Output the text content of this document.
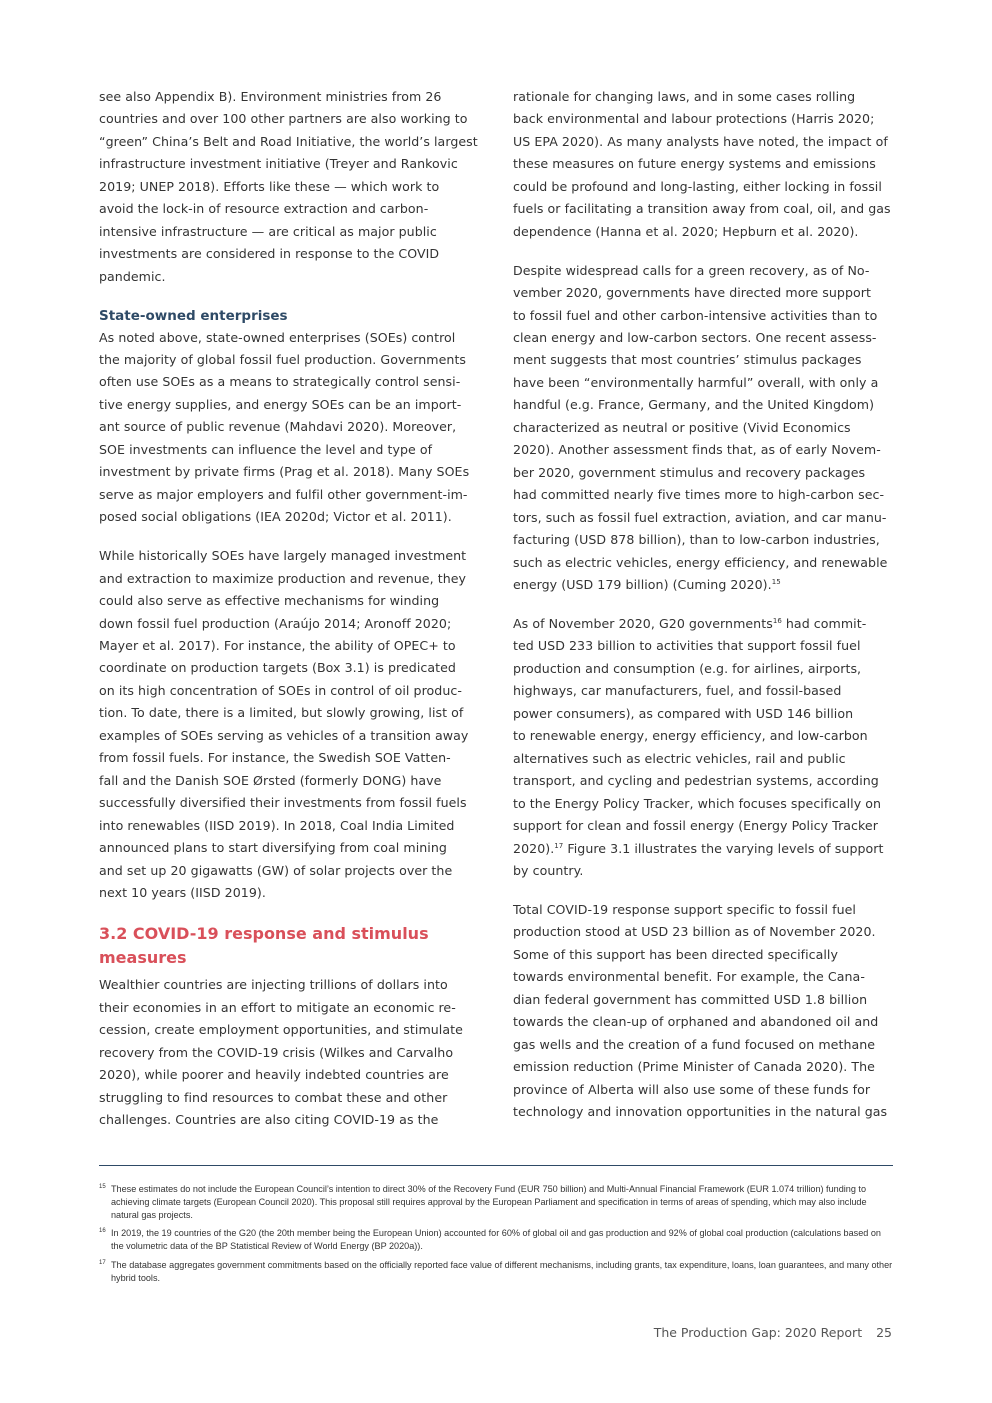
see also Appendix B). Environment ministries from 26
countries and over 100 other partners are also working to
“green” China’s Belt and Road Initiative, the world’s largest
infrastructure investment initiative (Treyer and Rankovic
2019; UNEP 2018). Efforts like these — which work to
avoid the lock-in of resource extraction and carbon-
intensive infrastructure — are critical as major public
investments are considered in response to the COVID
pandemic.
State-owned enterprises
As noted above, state-owned enterprises (SOEs) control
the majority of global fossil fuel production. Governments
often use SOEs as a means to strategically control sensi-
tive energy supplies, and energy SOEs can be an import-
ant source of public revenue (Mahdavi 2020). Moreover,
SOE investments can influence the level and type of
investment by private firms (Prag et al. 2018). Many SOEs
serve as major employers and fulfil other government-im-
posed social obligations (IEA 2020d; Victor et al. 2011).
While historically SOEs have largely managed investment
and extraction to maximize production and revenue, they
could also serve as effective mechanisms for winding
down fossil fuel production (Araújo 2014; Aronoff 2020;
Mayer et al. 2017). For instance, the ability of OPEC+ to
coordinate on production targets (Box 3.1) is predicated
on its high concentration of SOEs in control of oil produc-
tion. To date, there is a limited, but slowly growing, list of
examples of SOEs serving as vehicles of a transition away
from fossil fuels. For instance, the Swedish SOE Vatten-
fall and the Danish SOE Ørsted (formerly DONG) have
successfully diversified their investments from fossil fuels
into renewables (IISD 2019). In 2018, Coal India Limited
announced plans to start diversifying from coal mining
and set up 20 gigawatts (GW) of solar projects over the
next 10 years (IISD 2019).
3.2 COVID-19 response and stimulus measures
Wealthier countries are injecting trillions of dollars into
their economies in an effort to mitigate an economic re-
cession, create employment opportunities, and stimulate
recovery from the COVID-19 crisis (Wilkes and Carvalho
2020), while poorer and heavily indebted countries are
struggling to find resources to combat these and other
challenges. Countries are also citing COVID-19 as the
rationale for changing laws, and in some cases rolling
back environmental and labour protections (Harris 2020;
US EPA 2020). As many analysts have noted, the impact of
these measures on future energy systems and emissions
could be profound and long-lasting, either locking in fossil
fuels or facilitating a transition away from coal, oil, and gas
dependence (Hanna et al. 2020; Hepburn et al. 2020).
Despite widespread calls for a green recovery, as of No-
vember 2020, governments have directed more support
to fossil fuel and other carbon-intensive activities than to
clean energy and low-carbon sectors. One recent assess-
ment suggests that most countries’ stimulus packages
have been “environmentally harmful” overall, with only a
handful (e.g. France, Germany, and the United Kingdom)
characterized as neutral or positive (Vivid Economics
2020). Another assessment finds that, as of early Novem-
ber 2020, government stimulus and recovery packages
had committed nearly five times more to high-carbon sec-
tors, such as fossil fuel extraction, aviation, and car manu-
facturing (USD 878 billion), than to low-carbon industries,
such as electric vehicles, energy efficiency, and renewable
energy (USD 179 billion) (Cuming 2020).$^{15}$
As of November 2020, G20 governments$^{16}$ had commit-
ted USD 233 billion to activities that support fossil fuel
production and consumption (e.g. for airlines, airports,
highways, car manufacturers, fuel, and fossil-based
power consumers), as compared with USD 146 billion
to renewable energy, energy efficiency, and low-carbon
alternatives such as electric vehicles, rail and public
transport, and cycling and pedestrian systems, according
to the Energy Policy Tracker, which focuses specifically on
support for clean and fossil energy (Energy Policy Tracker
2020).$^{17}$ Figure 3.1 illustrates the varying levels of support
by country.
Total COVID-19 response support specific to fossil fuel
production stood at USD 23 billion as of November 2020.
Some of this support has been directed specifically
towards environmental benefit. For example, the Cana-
dian federal government has committed USD 1.8 billion
towards the clean-up of orphaned and abandoned oil and
gas wells and the creation of a fund focused on methane
emission reduction (Prime Minister of Canada 2020). The
province of Alberta will also use some of these funds for
technology and innovation opportunities in the natural gas
15 These estimates do not include the European Council’s intention to direct 30% of the Recovery Fund (EUR 750 billion) and Multi-Annual Financial Framework (EUR 1.074 trillion) funding to achieving climate targets (European Council 2020). This proposal still requires approval by the European Parliament and specification in terms of areas of spending, which may also include natural gas projects.
16 In 2019, the 19 countries of the G20 (the 20th member being the European Union) accounted for 60% of global oil and gas production and 92% of global coal production (calculations based on the volumetric data of the BP Statistical Review of World Energy (BP 2020a)).
17 The database aggregates government commitments based on the officially reported face value of different mechanisms, including grants, tax expenditure, loans, loan guarantees, and many other hybrid tools.
The Production Gap: 2020 Report 25
